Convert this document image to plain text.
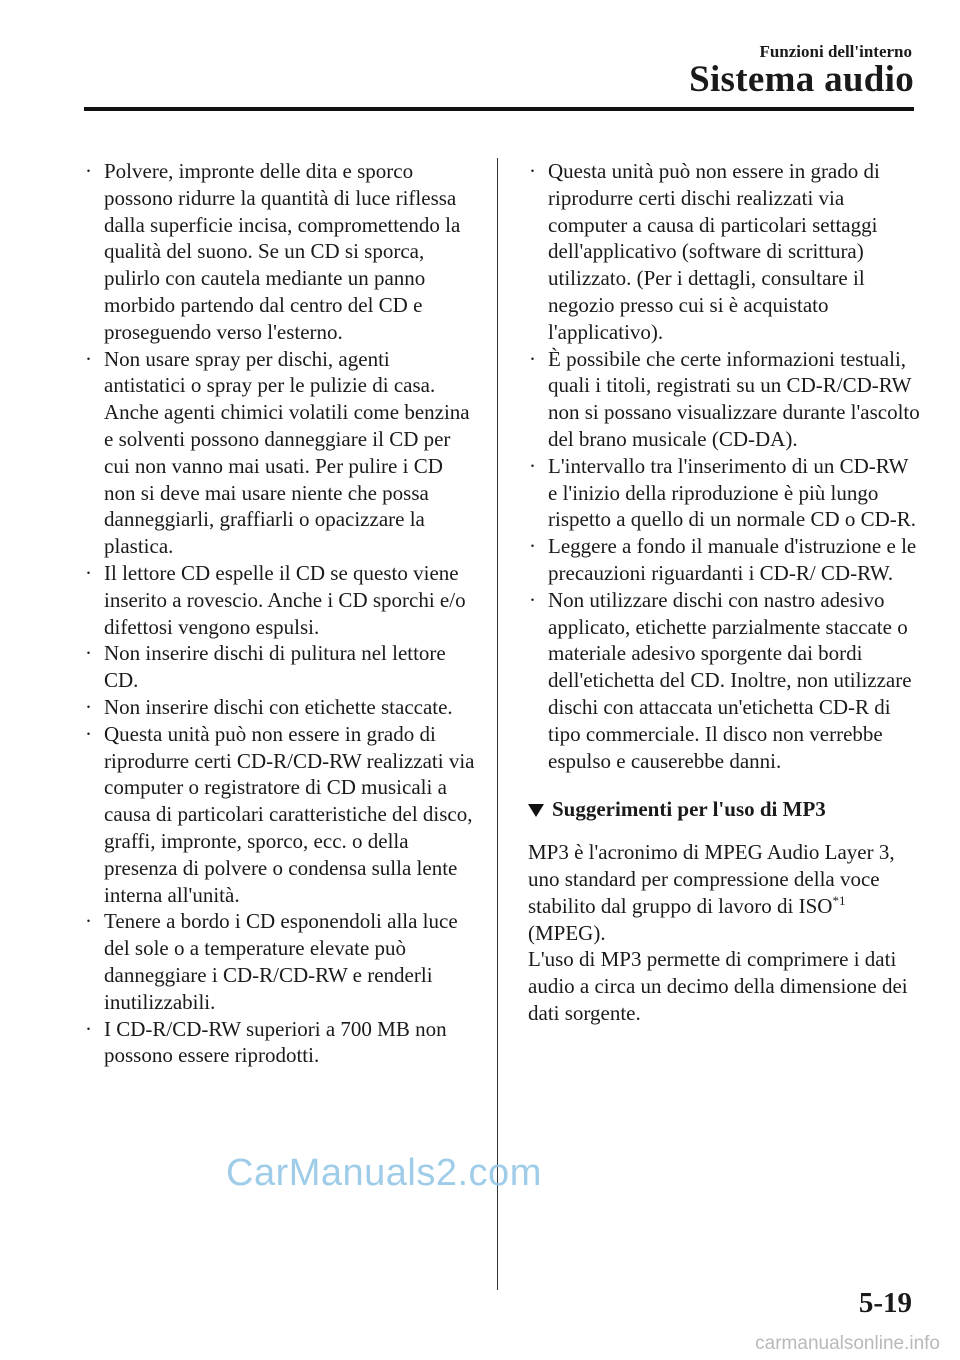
Funzioni dell'interno
Sistema audio
· Polvere, impronte delle dita e sporco possono ridurre la quantità di luce riflessa dalla superficie incisa, compromettendo la qualità del suono. Se un CD si sporca, pulirlo con cautela mediante un panno morbido partendo dal centro del CD e proseguendo verso l'esterno.
· Non usare spray per dischi, agenti antistatici o spray per le pulizie di casa. Anche agenti chimici volatili come benzina e solventi possono danneggiare il CD per cui non vanno mai usati. Per pulire i CD non si deve mai usare niente che possa danneggiarli, graffiarli o opacizzare la plastica.
· Il lettore CD espelle il CD se questo viene inserito a rovescio. Anche i CD sporchi e/o difettosi vengono espulsi.
· Non inserire dischi di pulitura nel lettore CD.
· Non inserire dischi con etichette staccate.
· Questa unità può non essere in grado di riprodurre certi CD-R/CD-RW realizzati via computer o registratore di CD musicali a causa di particolari caratteristiche del disco, graffi, impronte, sporco, ecc. o della presenza di polvere o condensa sulla lente interna all'unità.
· Tenere a bordo i CD esponendoli alla luce del sole o a temperature elevate può danneggiare i CD-R/CD-RW e renderli inutilizzabili.
· I CD-R/CD-RW superiori a 700 MB non possono essere riprodotti.
· Questa unità può non essere in grado di riprodurre certi dischi realizzati via computer a causa di particolari settaggi dell'applicativo (software di scrittura) utilizzato. (Per i dettagli, consultare il negozio presso cui si è acquistato l'applicativo).
· È possibile che certe informazioni testuali, quali i titoli, registrati su un CD-R/CD-RW non si possano visualizzare durante l'ascolto del brano musicale (CD-DA).
· L'intervallo tra l'inserimento di un CD-RW e l'inizio della riproduzione è più lungo rispetto a quello di un normale CD o CD-R.
· Leggere a fondo il manuale d'istruzione e le precauzioni riguardanti i CD-R/ CD-RW.
· Non utilizzare dischi con nastro adesivo applicato, etichette parzialmente staccate o materiale adesivo sporgente dai bordi dell'etichetta del CD. Inoltre, non utilizzare dischi con attaccata un'etichetta CD-R di tipo commerciale. Il disco non verrebbe espulso e causerebbe danni.
Suggerimenti per l'uso di MP3

MP3 è l'acronimo di MPEG Audio Layer 3, uno standard per compressione della voce stabilito dal gruppo di lavoro di ISO$^{*1}$ (MPEG).

L'uso di MP3 permette di comprimere i dati audio a circa un decimo della dimensione dei dati sorgente.

CarManuals2.com
5-19
carmanualsonline.info
